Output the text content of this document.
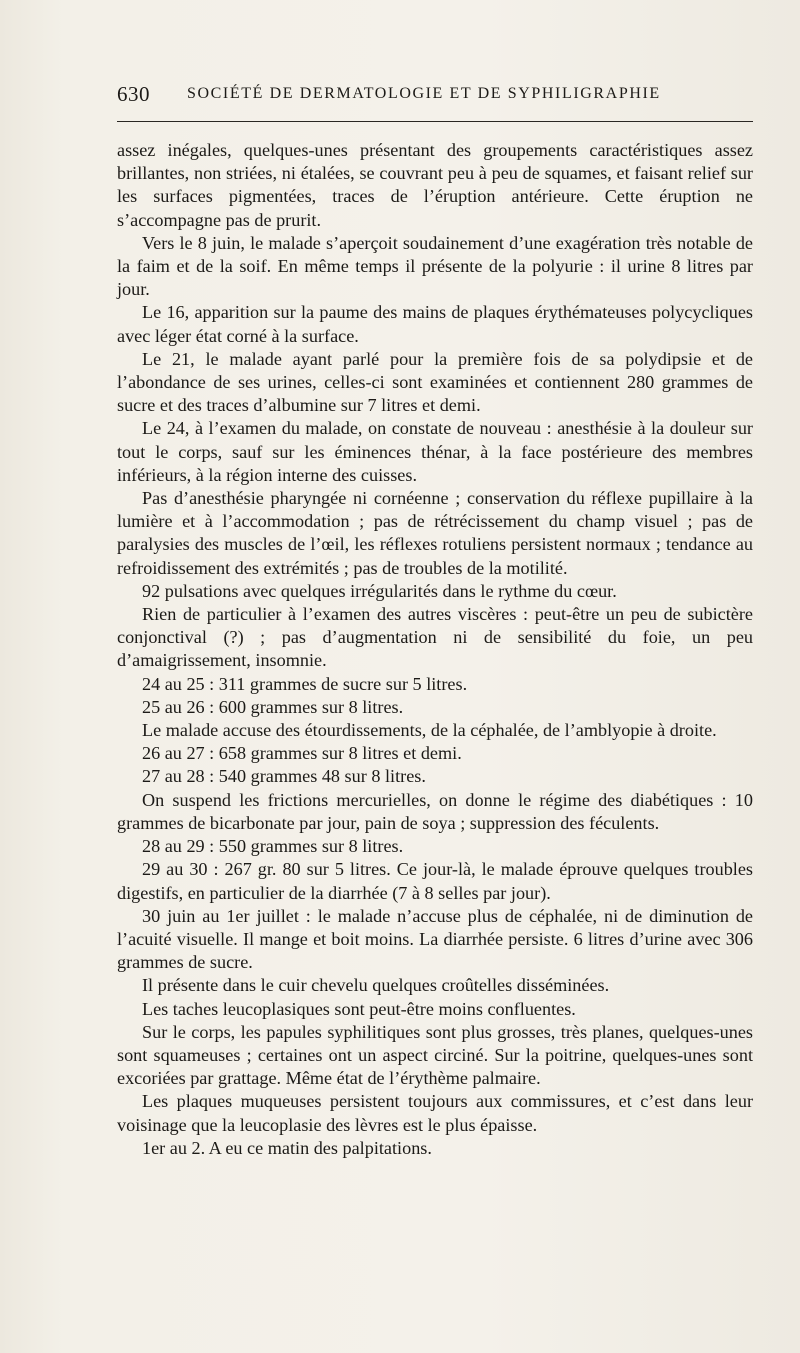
630 SOCIÉTÉ DE DERMATOLOGIE ET DE SYPHILIGRAPHIE

assez inégales, quelques-unes présentant des groupements caractéristiques assez brillantes, non striées, ni étalées, se couvrant peu à peu de squames, et faisant relief sur les surfaces pigmentées, traces de l’éruption antérieure. Cette éruption ne s’accompagne pas de prurit.

Vers le 8 juin, le malade s’aperçoit soudainement d’une exagération très notable de la faim et de la soif. En même temps il présente de la polyurie : il urine 8 litres par jour.

Le 16, apparition sur la paume des mains de plaques érythémateuses polycycliques avec léger état corné à la surface.

Le 21, le malade ayant parlé pour la première fois de sa polydipsie et de l’abondance de ses urines, celles-ci sont examinées et contiennent 280 grammes de sucre et des traces d’albumine sur 7 litres et demi.

Le 24, à l’examen du malade, on constate de nouveau : anesthésie à la douleur sur tout le corps, sauf sur les éminences thénar, à la face postérieure des membres inférieurs, à la région interne des cuisses.

Pas d’anesthésie pharyngée ni cornéenne ; conservation du réflexe pupillaire à la lumière et à l’accommodation ; pas de rétrécissement du champ visuel ; pas de paralysies des muscles de l’œil, les réflexes rotuliens persistent normaux ; tendance au refroidissement des extrémités ; pas de troubles de la motilité.

92 pulsations avec quelques irrégularités dans le rythme du cœur.

Rien de particulier à l’examen des autres viscères : peut-être un peu de subictère conjonctival (?) ; pas d’augmentation ni de sensibilité du foie, un peu d’amaigrissement, insomnie.

24 au 25 : 311 grammes de sucre sur 5 litres.

25 au 26 : 600 grammes sur 8 litres.

Le malade accuse des étourdissements, de la céphalée, de l’amblyopie à droite.

26 au 27 : 658 grammes sur 8 litres et demi.

27 au 28 : 540 grammes 48 sur 8 litres.

On suspend les frictions mercurielles, on donne le régime des diabétiques : 10 grammes de bicarbonate par jour, pain de soya ; suppression des féculents.

28 au 29 : 550 grammes sur 8 litres.

29 au 30 : 267 gr. 80 sur 5 litres. Ce jour-là, le malade éprouve quelques troubles digestifs, en particulier de la diarrhée (7 à 8 selles par jour).

30 juin au 1er juillet : le malade n’accuse plus de céphalée, ni de diminution de l’acuité visuelle. Il mange et boit moins. La diarrhée persiste. 6 litres d’urine avec 306 grammes de sucre.

Il présente dans le cuir chevelu quelques croûtelles disséminées.

Les taches leucoplasiques sont peut-être moins confluentes.

Sur le corps, les papules syphilitiques sont plus grosses, très planes, quelques-unes sont squameuses ; certaines ont un aspect circiné. Sur la poitrine, quelques-unes sont excoriées par grattage. Même état de l’érythème palmaire.

Les plaques muqueuses persistent toujours aux commissures, et c’est dans leur voisinage que la leucoplasie des lèvres est le plus épaisse.

1er au 2. A eu ce matin des palpitations.
